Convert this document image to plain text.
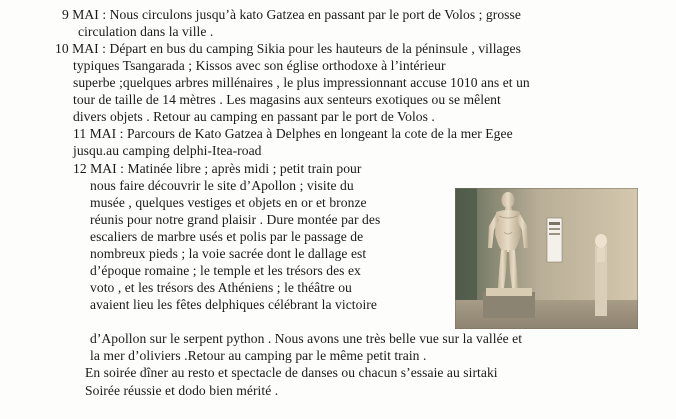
9 MAI : Nous circulons jusqu’à kato Gatzea en passant par le port de Volos ; grosse
circulation dans la ville .
10 MAI : Départ en bus du camping Sikia pour les hauteurs de la péninsule , villages
typiques Tsangarada ; Kissos avec son église orthodoxe à l’intérieur
superbe ;quelques arbres millénaires , le plus impressionnant accuse 1010 ans et un
tour de taille de 14 mètres . Les magasins aux senteurs exotiques ou se mêlent
divers objets . Retour au camping en passant par le port de Volos .
11 MAI : Parcours de Kato Gatzea à Delphes en longeant la cote de la mer Egee
jusqu.au camping delphi-Itea-road
12 MAI : Matinée libre ; après midi ; petit train pour
nous faire découvrir le site d’Apollon ; visite du
musée , quelques vestiges et objets en or et bronze
réunis pour notre grand plaisir . Dure montée par des
escaliers de marbre usés et polis par le passage de
nombreux pieds ; la voie sacrée dont le dallage est
d’époque romaine ; le temple et les trésors des ex
voto , et les trésors des Athéniens ; le théâtre ou
avaient lieu les fêtes delphiques célébrant la victoire
d’Apollon sur le serpent python . Nous avons une très belle vue sur la vallée et
la mer d’oliviers .Retour au camping par le même petit train .
En soirée dîner au resto et spectacle de danses ou chacun s’essaie au sirtaki
Soirée réussie et dodo bien mérité .
